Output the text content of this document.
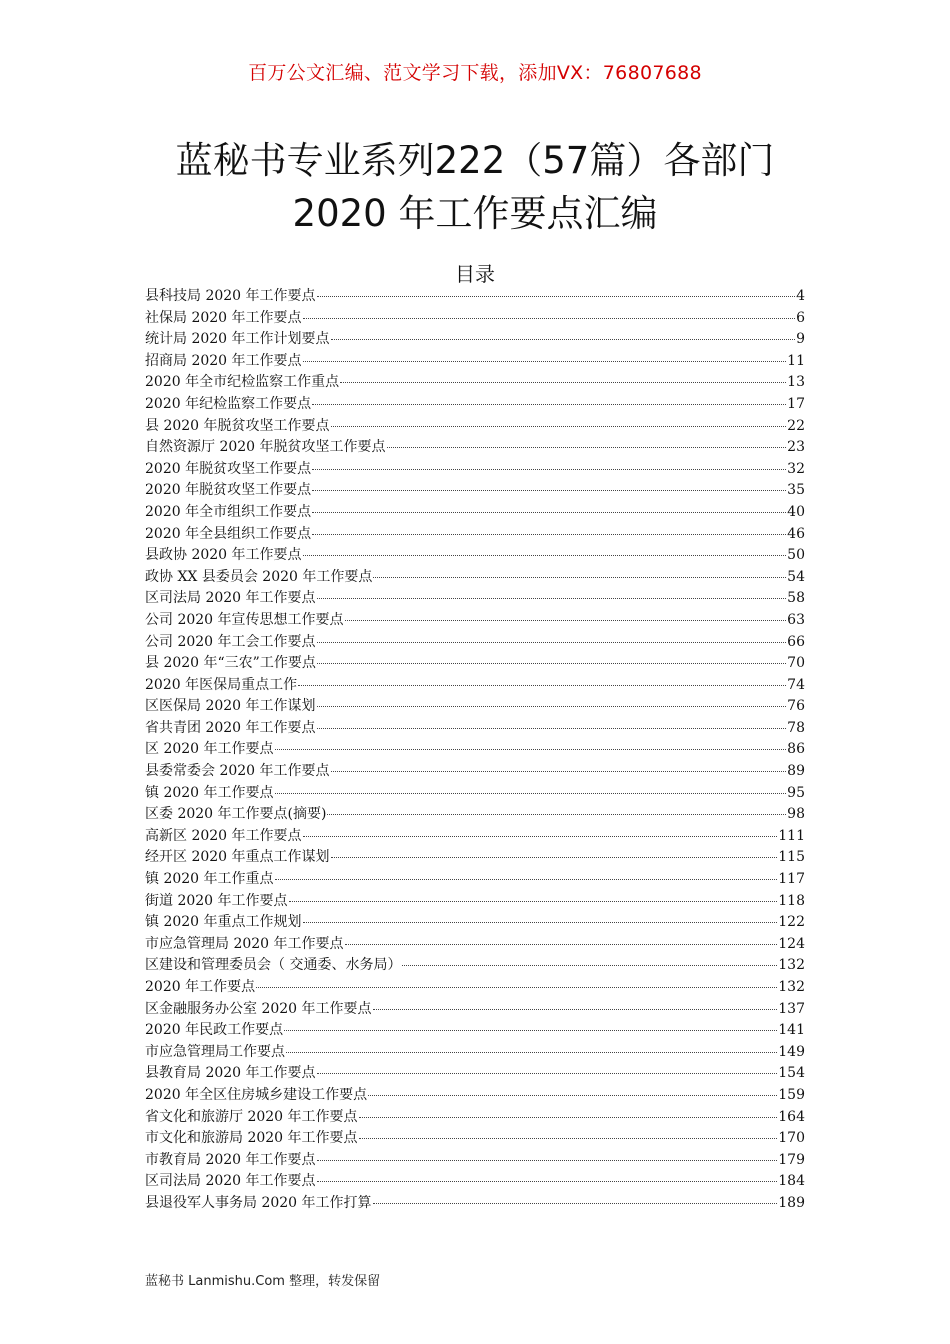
百万公文汇编、范文学习下载，添加VX：76807688
蓝秘书专业系列222（57篇）各部门
2020 年工作要点汇编
目录
县科技局 2020 年工作要点	4
社保局 2020 年工作要点	6
统计局 2020 年工作计划要点	9
招商局 2020 年工作要点	11
2020 年全市纪检监察工作重点	13
2020 年纪检监察工作要点	17
县 2020 年脱贫攻坚工作要点	22
自然资源厅 2020 年脱贫攻坚工作要点	23
2020 年脱贫攻坚工作要点	32
2020 年脱贫攻坚工作要点	35
2020 年全市组织工作要点	40
2020 年全县组织工作要点	46
县政协 2020 年工作要点	50
政协 XX 县委员会 2020 年工作要点	54
区司法局 2020 年工作要点	58
公司 2020 年宣传思想工作要点	63
公司 2020 年工会工作要点	66
县 2020 年“三农”工作要点	70
2020 年医保局重点工作	74
区医保局 2020 年工作谋划	76
省共青团 2020 年工作要点	78
区 2020 年工作要点	86
县委常委会 2020 年工作要点	89
镇 2020 年工作要点	95
区委 2020 年工作要点(摘要)	98
高新区 2020 年工作要点	111
经开区 2020 年重点工作谋划	115
镇 2020 年工作重点	117
街道 2020 年工作要点	118
镇 2020 年重点工作规划	122
市应急管理局 2020 年工作要点	124
区建设和管理委员会（ 交通委、水务局）	132
2020 年工作要点	132
区金融服务办公室 2020 年工作要点	137
2020 年民政工作要点	141
市应急管理局工作要点	149
县教育局 2020 年工作要点	154
2020 年全区住房城乡建设工作要点	159
省文化和旅游厅 2020 年工作要点	164
市文化和旅游局 2020 年工作要点	170
市教育局 2020 年工作要点	179
区司法局 2020 年工作要点	184
县退役军人事务局 2020 年工作打算	189
蓝秘书 Lanmishu.Com 整理，转发保留
